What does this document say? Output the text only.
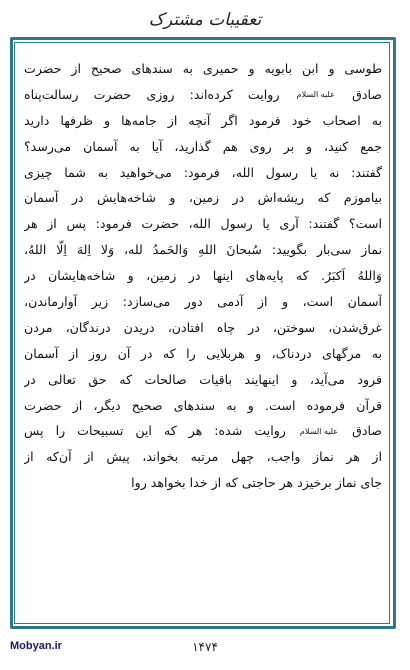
تعقيبات مشترک
طوسی و ابن بابویه و حمیری به سندهای صحیح از حضرت
صادق عليه السلام روایت کرده‌اند: روزی حضرت رسالت‌پناه
به اصحاب خود فرمود اگر آنچه از جامه‌ها و ظرفها دارید
جمع کنید، و بر روی هم گذارید، آیا به آسمان می‌رسد؟
گفتند: نه یا رسول الله، فرمود: می‌خواهید به شما چیزی
بیاموزم که ریشه‌اش در زمین، و شاخه‌هایش در آسمان
است؟ گفتند: آری یا رسول الله، حضرت فرمود: پس از هر
نماز سی‌بار بگویید: سُبحانَ اللهِ وَالحَمدُ لله، وَلا اِلهَ اِلّا اللهُ،
وَاللهُ اَکبَرُ. که پایه‌های اینها در زمین، و شاخه‌هایشان در
آسمان است، و از آدمی دور می‌سازد: زیر آوارماندن،
غرق‌شدن، سوختن، در چاه افتادن، دریدن درندگان، مردن
به مرگهای دردناک، و هربلایی را که در آن روز از آسمان
فرود می‌آید، و اینهایند باقیات صالحات که حق تعالی در
قرآن فرموده است. و به سندهای صحیح دیگر، از حضرت
صادق عليه السلام روایت شده: هر که این تسبیحات را پس
از هر نماز واجب، چهل مرتبه بخواند، پیش از آن‌که از
جای نماز برخیزد هر حاجتی که از خدا بخواهد روا
۱۴۷۴
Mobyan.ir
